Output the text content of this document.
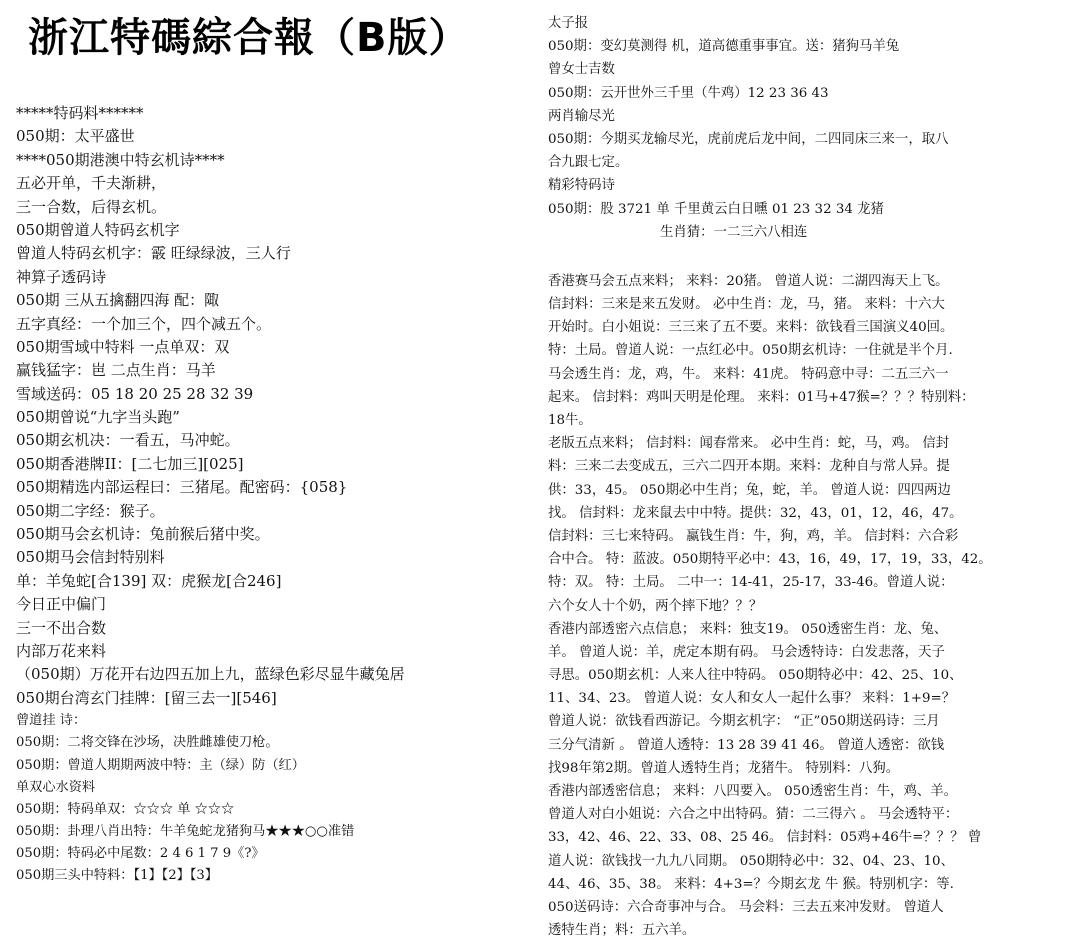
浙江特碼綜合報（B版）
*****特码料******
050期：太平盛世
****050期港澳中特玄机诗****
五必开单，千夫渐耕，
三一合数，后得玄机。
050期曾道人特码玄机字
曾道人特码玄机字：霰 旺绿绿波，三人行
神算子透码诗
050期 三从五擒翻四海 配：陬
五字真经：一个加三个，四个减五个。
050期雪域中特料 一点单双：双
赢钱猛字：岜 二点生肖：马羊
雪域送码：05 18 20 25 28 32 39
050期曾说“九字当头跑”
050期玄机决：一看五，马冲蛇。
050期香港牌II：[二七加三][025]
050期精选内部运程曰：三猪尾。配密码：{058}
050期二字经：猴子。
050期马会玄机诗：兔前猴后猪中奖。
050期马会信封特别料
单：羊兔蛇[合139] 双：虎猴龙[合246]
今日正中偏门
三一不出合数
内部万花来料
（050期）万花开右边四五加上九，蓝绿色彩尽显牛藏兔居
050期台湾玄门挂牌：[留三去一][546]
曾道挂 诗：
050期：二将交锋在沙场，决胜雌雄使刀枪。
050期：曾道人期期两波中特：主（绿）防（红）
单双心水资料
050期：特码单双：☆☆☆ 单 ☆☆☆
050期：卦理八肖出特：牛羊兔蛇龙猪狗马★★★○○准错
050期：特码必中尾数：2 4 6 1 7 9《?》
050期三头中特料：【1】【2】【3】
太子报
050期：变幻莫测得 机，道高德重事事宜。送：猪狗马羊兔
曾女士吉数
050期：云开世外三千里（牛鸡）12 23 36 43
两肖输尽光
050期：今期买龙输尽光，虎前虎后龙中间，二四同床三来一，取八
合九跟七定。
精彩特码诗
050期：股 3721 单 千里黄云白日曛 01 23 32 34 龙猪
生肖猜：一二三六八相连
香港赛马会五点来料； 来料：20猪。 曾道人说：二湖四海天上飞。
信封料：三来是来五发财。 必中生肖：龙，马，猪。 来料：十六大
开始时。白小姐说：三三来了五不要。来料：欲钱看三国演义40回。
特：土局。曾道人说：一点红必中。050期玄机诗：一住就是半个月.
马会透生肖：龙，鸡，牛。 来料：41虎。 特码意中寻：二五三六一
起来。 信封料：鸡叫天明是伦理。 来料：01马+47猴=？？？特别料：
18牛。
老版五点来料； 信封料：闻春常来。 必中生肖：蛇，马，鸡。 信封
料：三来二去变成五，三六二四开本期。来料：龙种自与常人异。提
供：33，45。 050期必中生肖；兔，蛇，羊。 曾道人说：四四两边
找。 信封料：龙来鼠去中中特。提供：32，43，01，12，46，47。
信封料：三七来特码。 赢钱生肖：牛，狗，鸡，羊。 信封料：六合彩
合中合。 特：蓝波。050期特平必中：43，16，49，17，19，33，42。
特：双。 特：土局。 二中一：14-41，25-17，33-46。曾道人说：
六个女人十个奶，两个摔下地？？？
香港内部透密六点信息； 来料：独支19。 050透密生肖：龙、兔、
羊。 曾道人说：羊，虎定本期有码。 马会透特诗：白发悲落，天子
寻思。050期玄机：人来人往中特码。 050期特必中：42、25、10、
11、34、23。 曾道人说：女人和女人一起什么事？ 来料：1+9=？
曾道人说：欲钱看西游记。今期玄机字： “正”050期送码诗：三月
三分气清新 。 曾道人透特：13 28 39 41 46。 曾道人透密：欲钱
找98年第2期。曾道人透特生肖；龙猪牛。 特别料：八狗。
香港内部透密信息； 来料：八四要入。 050透密生肖：牛，鸡、羊。
曾道人对白小姐说：六合之中出特码。猜：二三得六 。 马会透特平：
33，42、46、22、33、08、25 46。 信封料：05鸡+46牛=？？？ 曾
道人说：欲钱找一九九八同期。 050期特必中：32、04、23、10、
44、46、35、38。 来料：4+3=？今期玄龙 牛 猴。特别机字：等.
050送码诗：六合奇事冲与合。 马会料：三去五来冲发财。 曾道人
透特生肖；料：五六羊。
